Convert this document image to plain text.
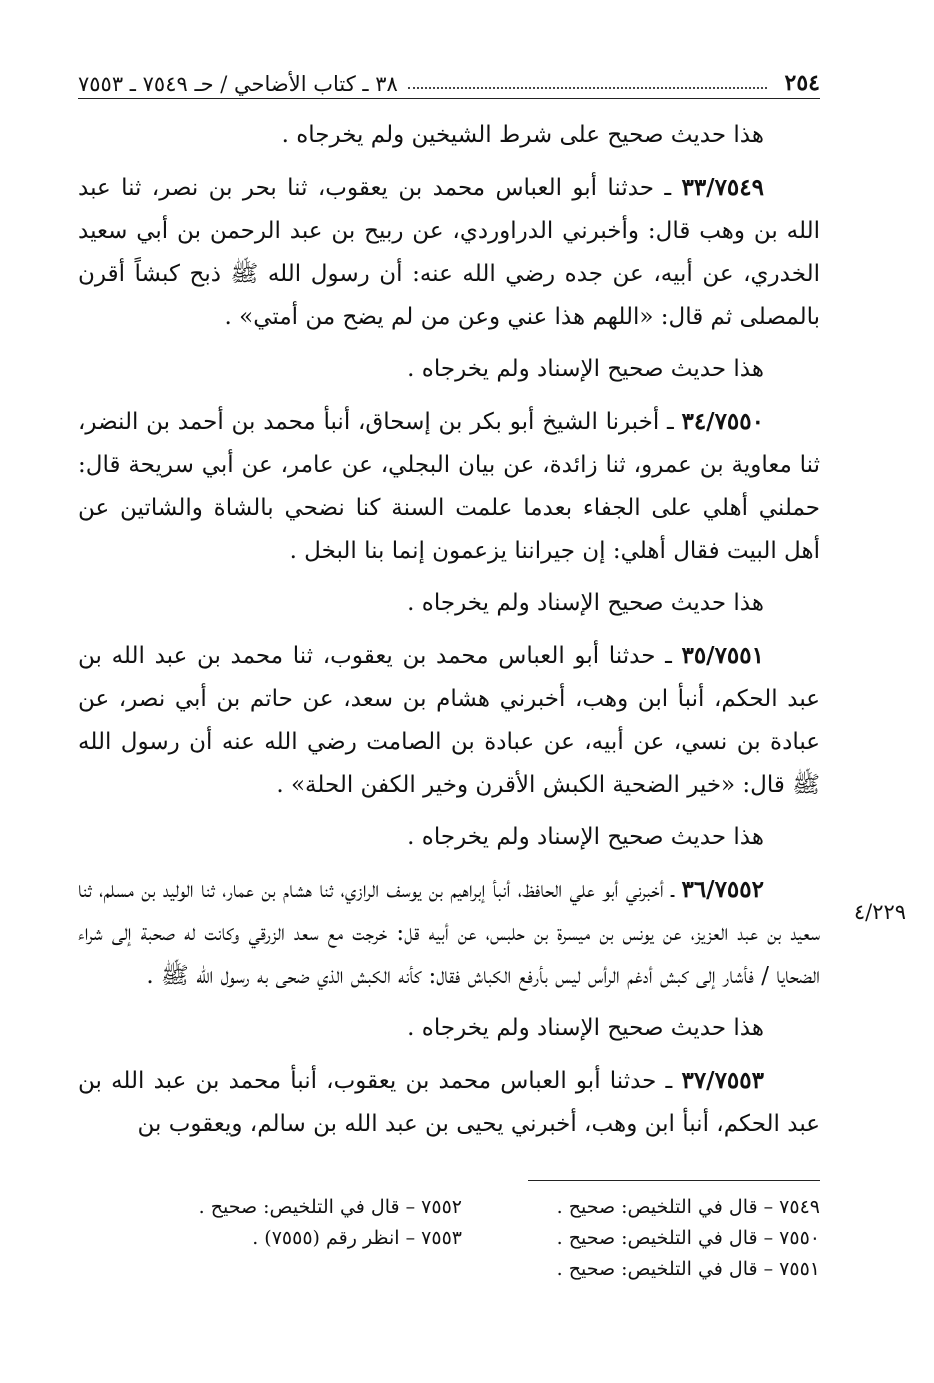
٢٥٤
٣٨ ـ كتاب الأضاحي / حـ ٧٥٤٩ ـ ٧٥٥٣

هذا حديث صحيح على شرط الشيخين ولم يخرجاه .

٣٣/٧٥٤٩ ـ حدثنا أبو العباس محمد بن يعقوب، ثنا بحر بن نصر، ثنا عبد الله بن وهب قال: وأخبرني الدراوردي، عن ربيح بن عبد الرحمن بن أبي سعيد الخدري، عن أبيه، عن جده رضي الله عنه: أن رسول الله ﷺ ذبح كبشاً أقرن بالمصلى ثم قال: «اللهم هذا عني وعن من لم يضح من أمتي» .

هذا حديث صحيح الإسناد ولم يخرجاه .

٣٤/٧٥٥٠ ـ أخبرنا الشيخ أبو بكر بن إسحاق، أنبأ محمد بن أحمد بن النضر، ثنا معاوية بن عمرو، ثنا زائدة، عن بيان البجلي، عن عامر، عن أبي سريحة قال: حملني أهلي على الجفاء بعدما علمت السنة كنا نضحي بالشاة والشاتين عن أهل البيت فقال أهلي: إن جيراننا يزعمون إنما بنا البخل .

هذا حديث صحيح الإسناد ولم يخرجاه .

٣٥/٧٥٥١ ـ حدثنا أبو العباس محمد بن يعقوب، ثنا محمد بن عبد الله بن عبد الحكم، أنبأ ابن وهب، أخبرني هشام بن سعد، عن حاتم بن أبي نصر، عن عبادة بن نسي، عن أبيه، عن عبادة بن الصامت رضي الله عنه أن رسول الله ﷺ قال: «خير الضحية الكبش الأقرن وخير الكفن الحلة» .

هذا حديث صحيح الإسناد ولم يخرجاه .

٣٦/٧٥٥٢ ـ أخبرني أبو علي الحافظ، أنبأ إبراهيم بن يوسف الرازي، ثنا هشام بن عمار، ثنا الوليد بن مسلم، ثنا سعيد بن عبد العزيز، عن يونس بن ميسرة بن حلبس، عن أبيه قل: خرجت مع سعد الزرقي وكانت له صحبة إلى شراء الضحايا / فأشار إلى كبش أدغم الرأس ليس بأرفع الكباش فقال: كأنه الكبش الذي ضحى به رسول الله ﷺ .

هذا حديث صحيح الإسناد ولم يخرجاه .

٣٧/٧٥٥٣ ـ حدثنا أبو العباس محمد بن يعقوب، أنبأ محمد بن عبد الله بن عبد الحكم، أنبأ ابن وهب، أخبرني يحيى بن عبد الله بن سالم، ويعقوب بن

٤/٢٢٩
٧٥٤٩ – قال في التلخيص: صحيح .
٧٥٥٠ – قال في التلخيص: صحيح .
٧٥٥١ – قال في التلخيص: صحيح .
٧٥٥٢ – قال في التلخيص: صحيح .
٧٥٥٣ – انظر رقم (٧٥٥٥) .
